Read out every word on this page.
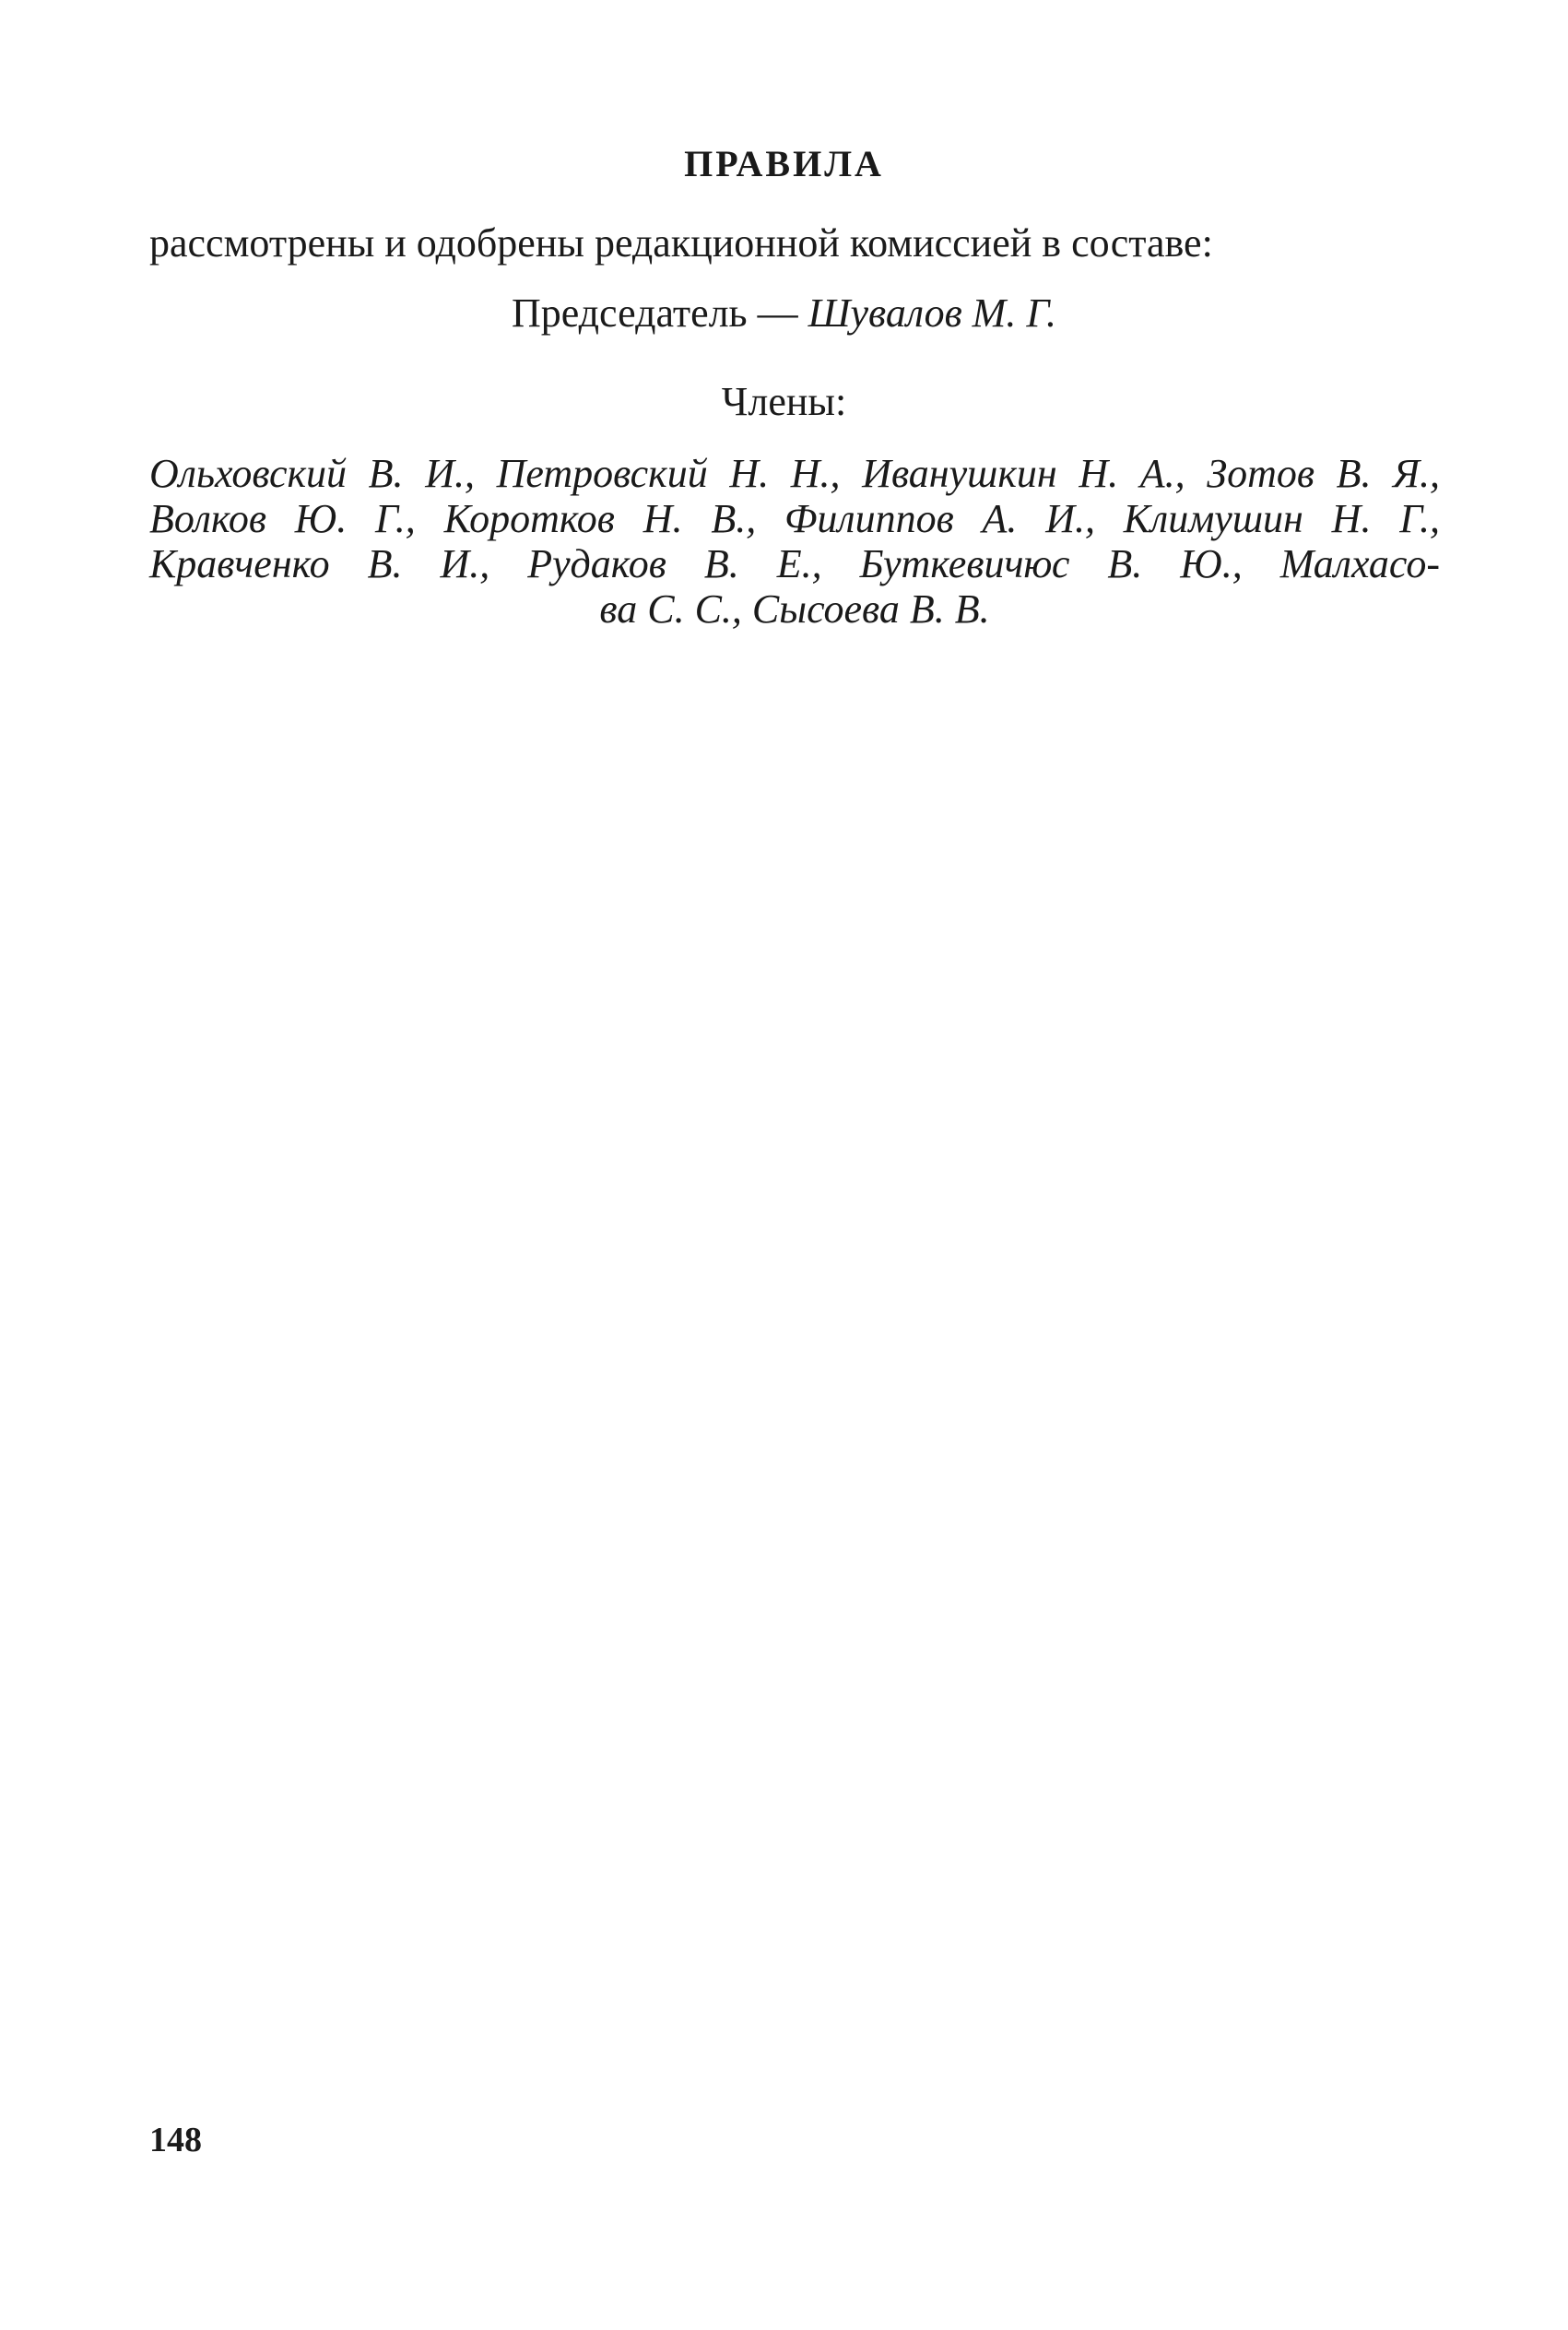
ПРАВИЛА
рассмотрены и одобрены редакционной комиссией в составе:
Председатель — Шувалов М. Г.
Члены:
Ольховский В. И., Петровский Н. Н., Иванушкин Н. А., Зотов В. Я.,
Волков Ю. Г., Коротков Н. В., Филиппов А. И., Климушин Н. Г.,
Кравченко В. И., Рудаков В. Е., Буткевичюс В. Ю., Малхасо-
ва С. С., Сысоева В. В.
148
